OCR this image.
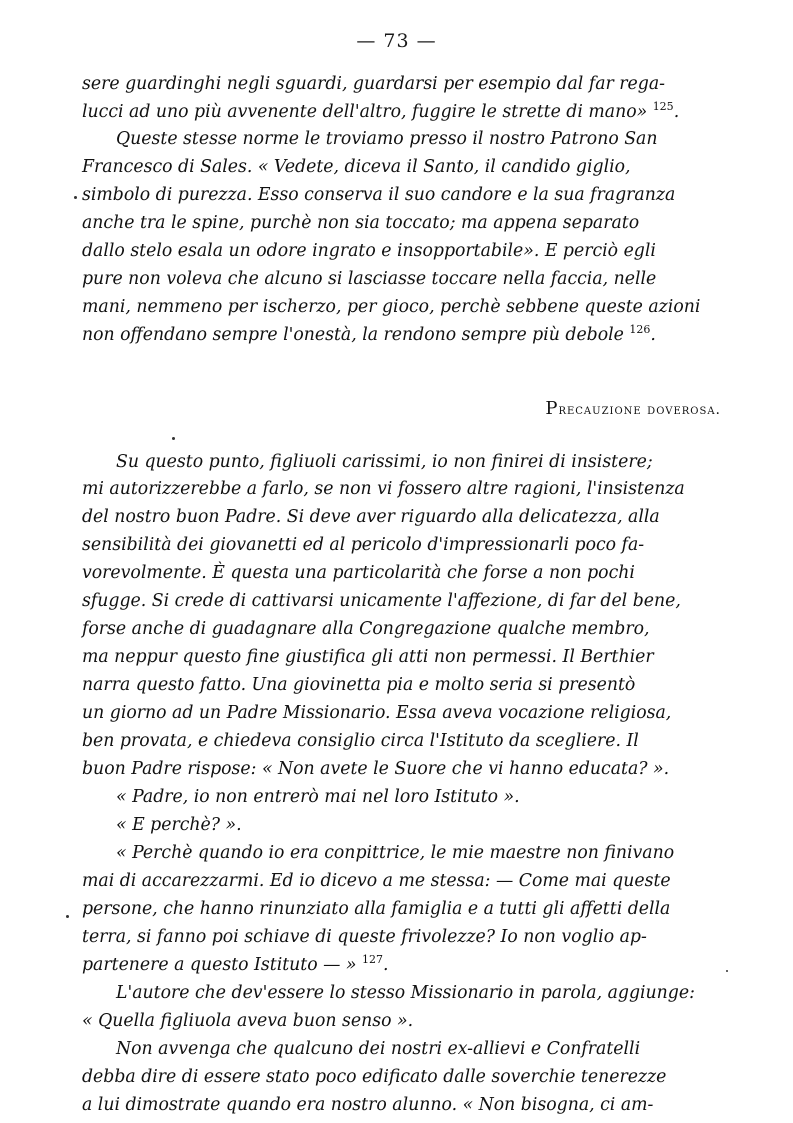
— 73 —
sere guardinghi negli sguardi, guardarsi per esempio dal far rega-
lucci ad uno più avvenente dell'altro, fuggire le strette di mano» $^{125}$.
Queste stesse norme le troviamo presso il nostro Patrono San
Francesco di Sales. « Vedete, diceva il Santo, il candido giglio,
simbolo di purezza. Esso conserva il suo candore e la sua fragranza
anche tra le spine, purchè non sia toccato; ma appena separato
dallo stelo esala un odore ingrato e insopportabile». E perciò egli
pure non voleva che alcuno si lasciasse toccare nella faccia, nelle
mani, nemmeno per ischerzo, per gioco, perchè sebbene queste azioni
non offendano sempre l'onestà, la rendono sempre più debole $^{126}$.
Precauzione doverosa.
Su questo punto, figliuoli carissimi, io non finirei di insistere;
mi autorizzerebbe a farlo, se non vi fossero altre ragioni, l'insistenza
del nostro buon Padre. Si deve aver riguardo alla delicatezza, alla
sensibilità dei giovanetti ed al pericolo d'impressionarli poco fa-
vorevolmente. È questa una particolarità che forse a non pochi
sfugge. Si crede di cattivarsi unicamente l'affezione, di far del bene,
forse anche di guadagnare alla Congregazione qualche membro,
ma neppur questo fine giustifica gli atti non permessi. Il Berthier
narra questo fatto. Una giovinetta pia e molto seria si presentò
un giorno ad un Padre Missionario. Essa aveva vocazione religiosa,
ben provata, e chiedeva consiglio circa l'Istituto da scegliere. Il
buon Padre rispose: « Non avete le Suore che vi hanno educata? ».
« Padre, io non entrerò mai nel loro Istituto ».
« E perchè? ».
« Perchè quando io era conpittrice, le mie maestre non finivano
mai di accarezzarmi. Ed io dicevo a me stessa: — Come mai queste
persone, che hanno rinunziato alla famiglia e a tutti gli affetti della
terra, si fanno poi schiave di queste frivolezze? Io non voglio ap-
partenere a questo Istituto — » $^{127}$.
L'autore che dev'essere lo stesso Missionario in parola, aggiunge:
« Quella figliuola aveva buon senso ».
Non avvenga che qualcuno dei nostri ex-allievi e Confratelli
debba dire di essere stato poco edificato dalle soverchie tenerezze
a lui dimostrate quando era nostro alunno. « Non bisogna, ci am-
